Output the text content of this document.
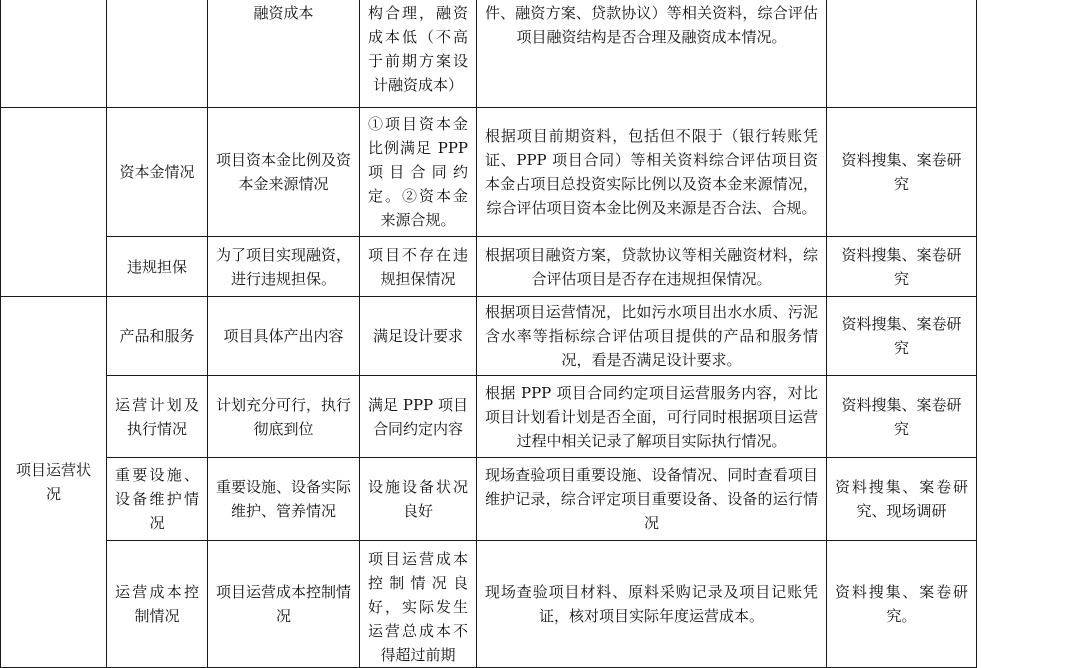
		融资成本	构合理，融资成本低（不高于前期方案设计融资成本）	件、融资方案、贷款协议）等相关资料，综合评估项目融资结构是否合理及融资成本情况。	
	资本金情况	项目资本金比例及资本金来源情况	①项目资本金比例满足 PPP 项目合同约定。②资本金来源合规。	根据项目前期资料，包括但不限于（银行转账凭证、PPP 项目合同）等相关资料综合评估项目资本金占项目总投资实际比例以及资本金来源情况，综合评估项目资本金比例及来源是否合法、合规。	资料搜集、案卷研究
	违规担保	为了项目实现融资，进行违规担保。	项目不存在违规担保情况	根据项目融资方案，贷款协议等相关融资材料，综合评估项目是否存在违规担保情况。	资料搜集、案卷研究
项目运营状况	产品和服务	项目具体产出内容	满足设计要求	根据项目运营情况，比如污水项目出水水质、污泥含水率等指标综合评估项目提供的产品和服务情况，看是否满足设计要求。	资料搜集、案卷研究
	运营计划及执行情况	计划充分可行，执行彻底到位	满足 PPP 项目合同约定内容	根据 PPP 项目合同约定项目运营服务内容，对比项目计划看计划是否全面，可行同时根据项目运营过程中相关记录了解项目实际执行情况。	资料搜集、案卷研究
	重要设施、设备维护情况	重要设施、设备实际维护、管养情况	设施设备状况良好	现场查验项目重要设施、设备情况、同时查看项目维护记录，综合评定项目重要设备、设备的运行情况	资料搜集、案卷研究、现场调研
	运营成本控制情况	项目运营成本控制情况	项目运营成本控制情况良好，实际发生运营总成本不得超过前期	现场查验项目材料、原料采购记录及项目记账凭证，核对项目实际年度运营成本。	资料搜集、案卷研究。
